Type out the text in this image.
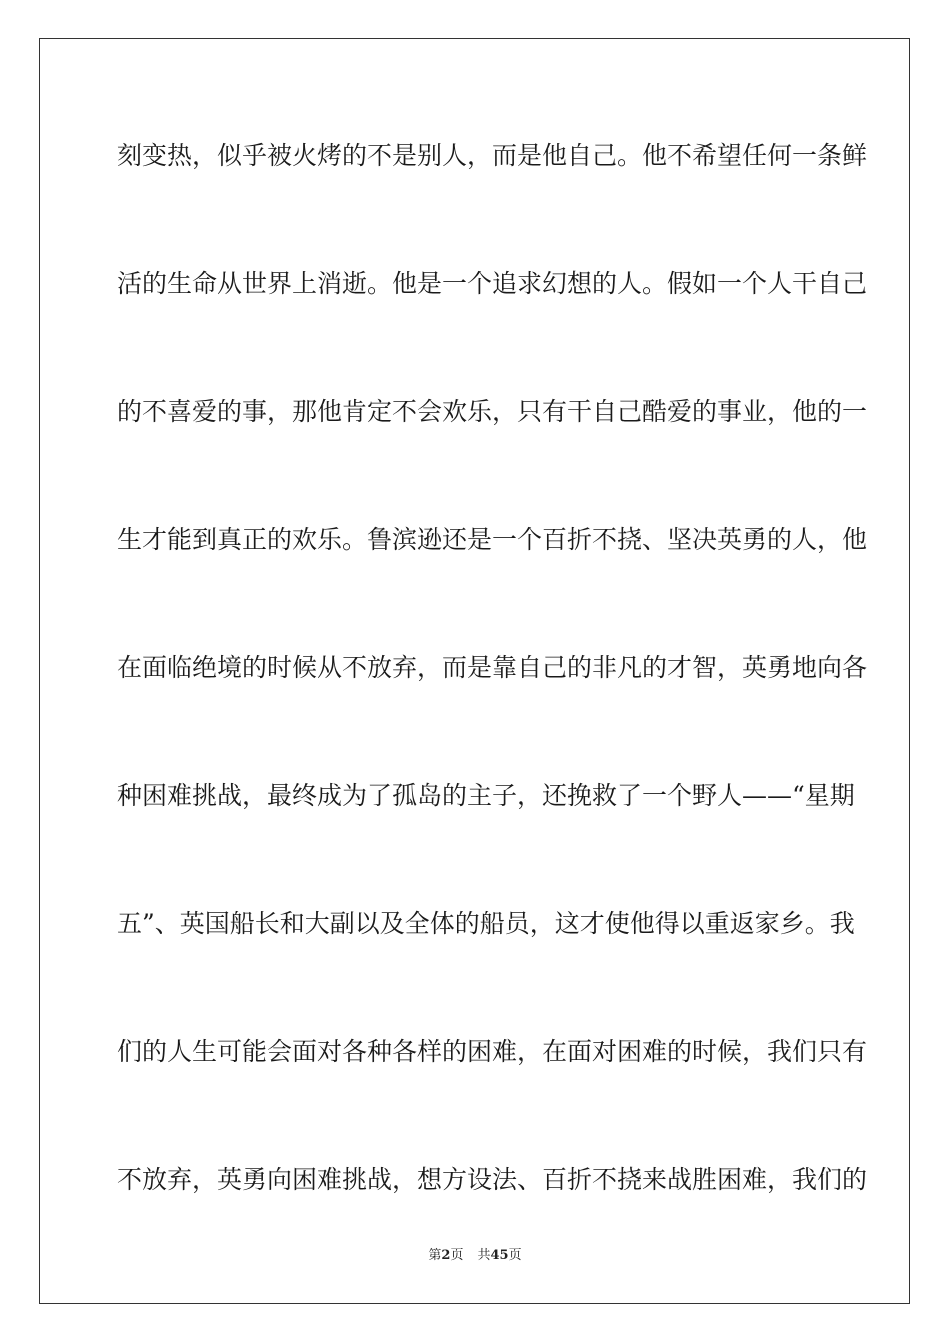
刻变热，似乎被火烤的不是别人，而是他自己。他不希望任何一条鲜
活的生命从世界上消逝。他是一个追求幻想的人。假如一个人干自己
的不喜爱的事，那他肯定不会欢乐，只有干自己酷爱的事业，他的一
生才能到真正的欢乐。鲁滨逊还是一个百折不挠、坚决英勇的人，他
在面临绝境的时候从不放弃，而是靠自己的非凡的才智，英勇地向各
种困难挑战，最终成为了孤岛的主子，还挽救了一个野人——“星期
五”、英国船长和大副以及全体的船员，这才使他得以重返家乡。我
们的人生可能会面对各种各样的困难，在面对困难的时候，我们只有
不放弃，英勇向困难挑战，想方设法、百折不挠来战胜困难，我们的
第2页 共45页
